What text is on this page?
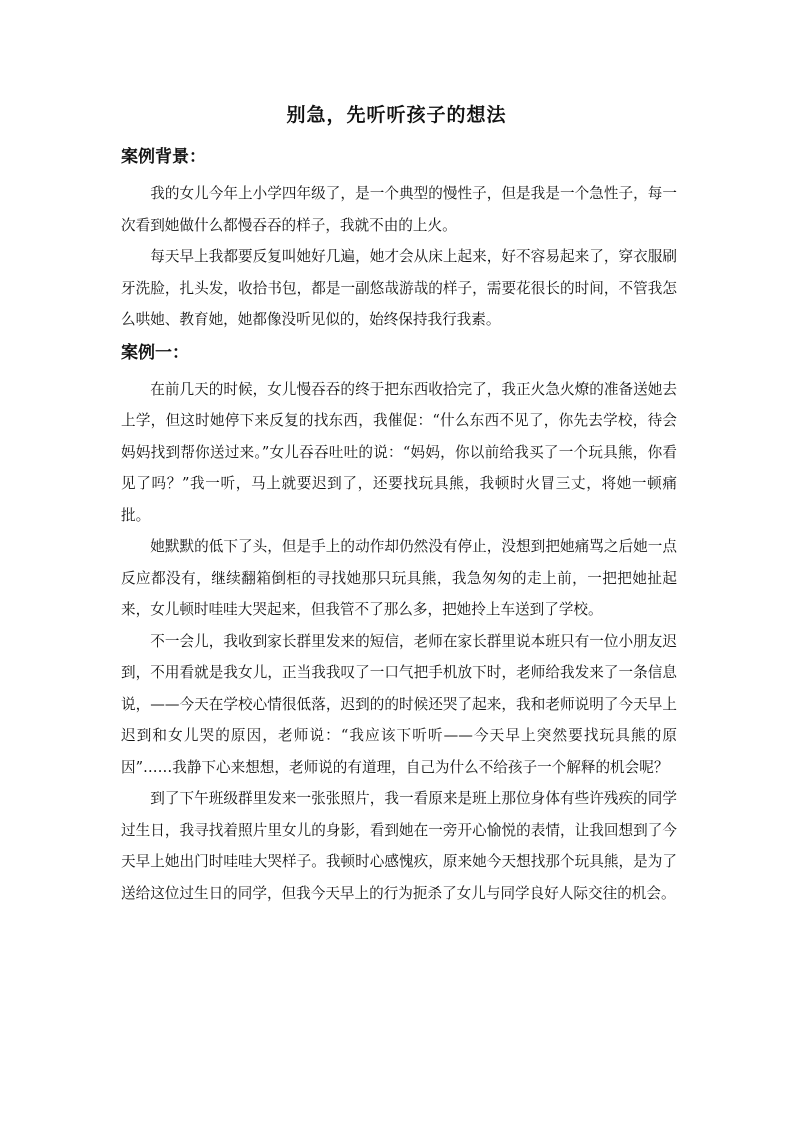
别急，先听听孩子的想法
案例背景：

我的女儿今年上小学四年级了，是一个典型的慢性子，但是我是一个急性子，每一次看到她做什么都慢吞吞的样子，我就不由的上火。

每天早上我都要反复叫她好几遍，她才会从床上起来，好不容易起来了，穿衣服刷牙洗脸，扎头发，收拾书包，都是一副悠哉游哉的样子，需要花很长的时间，不管我怎么哄她、教育她，她都像没听见似的，始终保持我行我素。

案例一：

在前几天的时候，女儿慢吞吞的终于把东西收拾完了，我正火急火燎的准备送她去上学，但这时她停下来反复的找东西，我催促：“什么东西不见了，你先去学校，待会妈妈找到帮你送过来。”女儿吞吞吐吐的说：“妈妈，你以前给我买了一个玩具熊，你看见了吗？”我一听，马上就要迟到了，还要找玩具熊，我顿时火冒三丈，将她一顿痛批。

她默默的低下了头，但是手上的动作却仍然没有停止，没想到把她痛骂之后她一点反应都没有，继续翻箱倒柜的寻找她那只玩具熊，我急匆匆的走上前，一把把她扯起来，女儿顿时哇哇大哭起来，但我管不了那么多，把她拎上车送到了学校。

不一会儿，我收到家长群里发来的短信，老师在家长群里说本班只有一位小朋友迟到，不用看就是我女儿，正当我我叹了一口气把手机放下时，老师给我发来了一条信息说，——今天在学校心情很低落，迟到的的时候还哭了起来，我和老师说明了今天早上迟到和女儿哭的原因，老师说：“我应该下听听——今天早上突然要找玩具熊的原因”……我静下心来想想，老师说的有道理，自己为什么不给孩子一个解释的机会呢？

到了下午班级群里发来一张张照片，我一看原来是班上那位身体有些许残疾的同学过生日，我寻找着照片里女儿的身影，看到她在一旁开心愉悦的表情，让我回想到了今天早上她出门时哇哇大哭样子。我顿时心感愧疚，原来她今天想找那个玩具熊，是为了送给这位过生日的同学，但我今天早上的行为扼杀了女儿与同学良好人际交往的机会。
